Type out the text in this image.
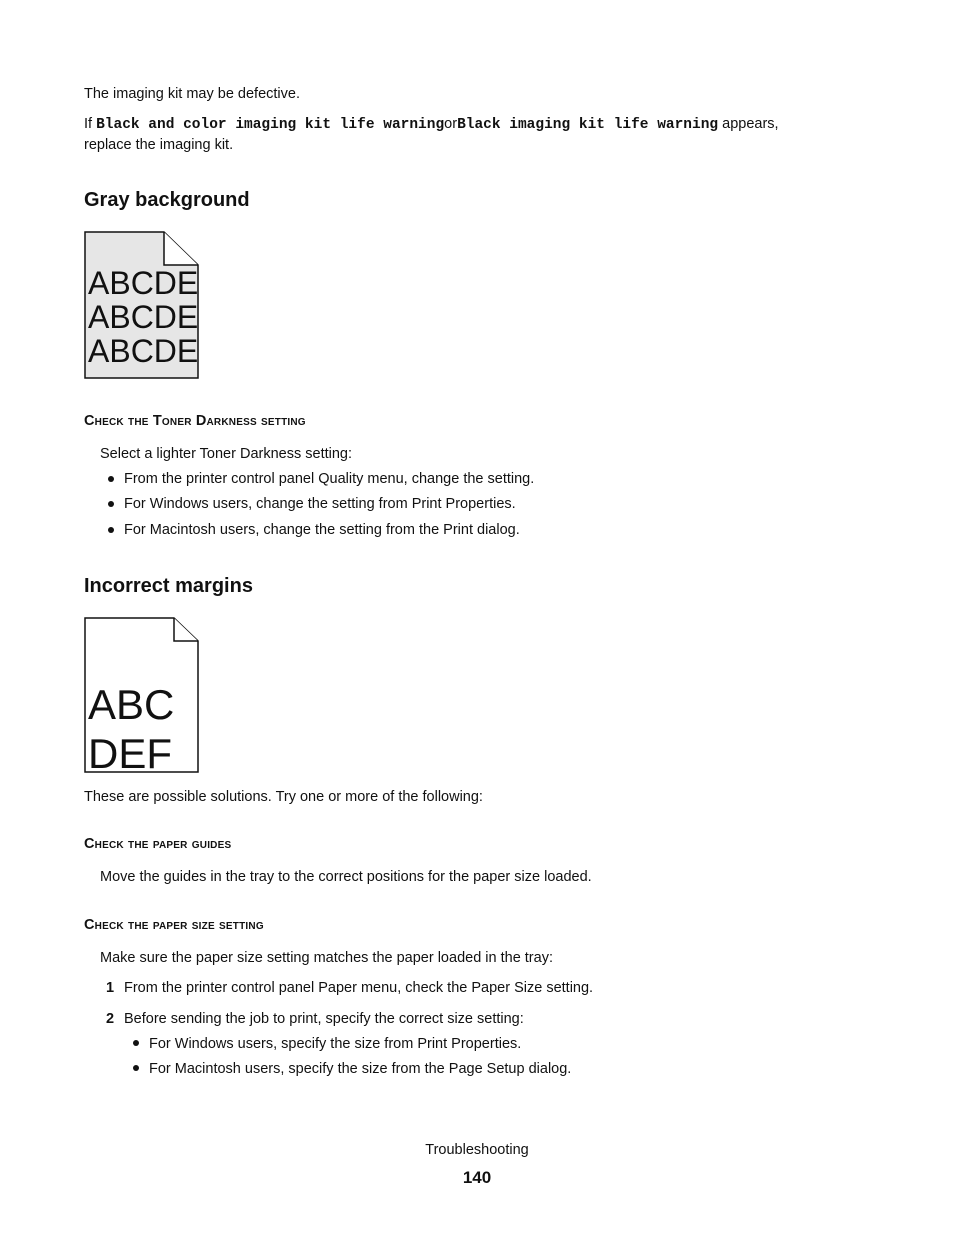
The imaging kit may be defective.
If Black and color imaging kit life warningorBlack imaging kit life warning appears,
replace the imaging kit.
Gray background
ABCDE
ABCDE
ABCDE
Check the Toner Darkness setting
Select a lighter Toner Darkness setting:
From the printer control panel Quality menu, change the setting.
For Windows users, change the setting from Print Properties.
For Macintosh users, change the setting from the Print dialog.
Incorrect margins
ABC
DEF
These are possible solutions. Try one or more of the following:
Check the paper guides
Move the guides in the tray to the correct positions for the paper size loaded.
Check the paper size setting
Make sure the paper size setting matches the paper loaded in the tray:
1 From the printer control panel Paper menu, check the Paper Size setting.
2 Before sending the job to print, specify the correct size setting:
For Windows users, specify the size from Print Properties.
For Macintosh users, specify the size from the Page Setup dialog.
Troubleshooting
140
